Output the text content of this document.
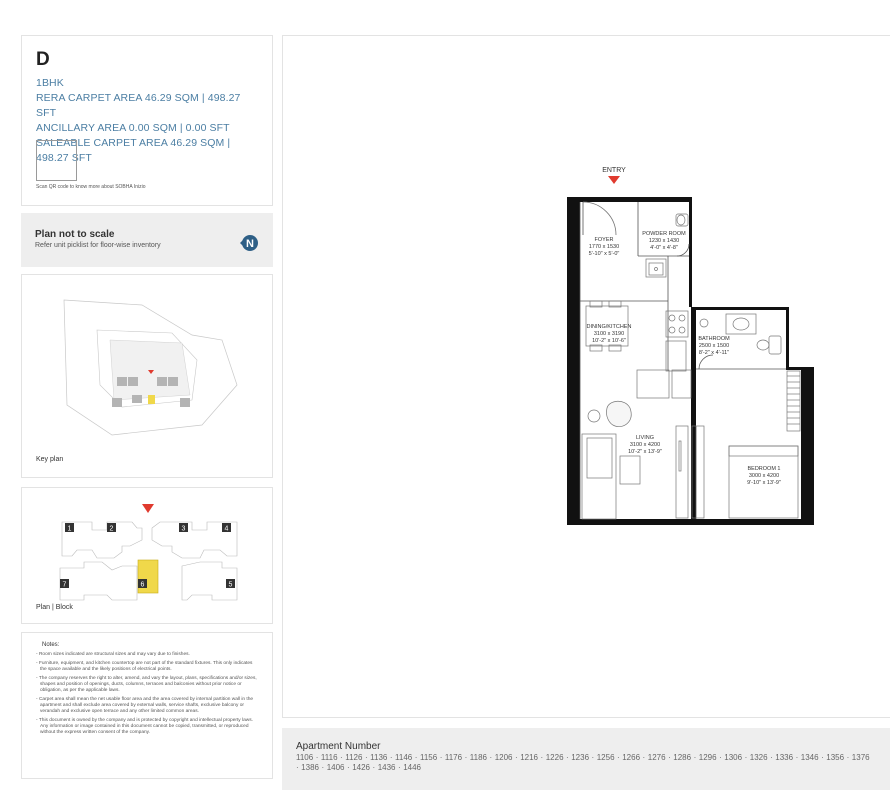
D
1BHK
RERA CARPET AREA 46.29 SQM | 498.27 SFT
ANCILLARY AREA 0.00 SQM | 0.00 SFT
SALEABLE CARPET AREA 46.29 SQM | 498.27 SFT
Scan QR code to know more about SOBHA Inizio
Plan not to scale
Refer unit picklist for floor-wise inventory	N
Key plan
1	2	3	4
5
6
7
Plan | Block
Notes:
- Room sizes indicated are structural sizes and may vary due to finishes.
- Furniture, equipment, and kitchen countertop are not part of the standard fixtures. This only indicates the space available and the likely positions of electrical points.
- The company reserves the right to alter, amend, and vary the layout, plans, specifications and/or sizes, shapes and position of openings, ducts, columns, terraces and balconies without prior notice or obligation, as per the applicable laws.
- Carpet area shall mean the net usable floor area and the area covered by internal partition wall in the apartment and shall exclude area covered by external walls, service shafts, exclusive balcony or verandah and exclusive open terrace and any other limited common areas.
- This document is owned by the company and is protected by copyright and intellectual property laws. Any information or image contained in this document cannot be copied, transmitted, or reproduced without the express written consent of the company.
ENTRY
FOYER
1770 x 1530
5'-10" x 5'-0"
POWDER ROOM
1230 x 1430
4'-0" x 4'-8"
DINING/KITCHEN
3100 x 3190
10'-2" x 10'-6"	BATHROOM
2500 x 1500
8'-2" x 4'-11"
LIVING
3100 x 4200
10'-2" x 13'-9"
BEDROOM 1
3000 x 4200
9'-10" x 13'-9"
Apartment Number
1106 · 1116 · 1126 · 1136 · 1146 · 1156 · 1176 · 1186 · 1206 · 1216 · 1226 · 1236 · 1256 · 1266 · 1276 · 1286 · 1296 · 1306 · 1326 · 1336 · 1346 · 1356 · 1376 · 1386 · 1406 · 1426 · 1436 · 1446
